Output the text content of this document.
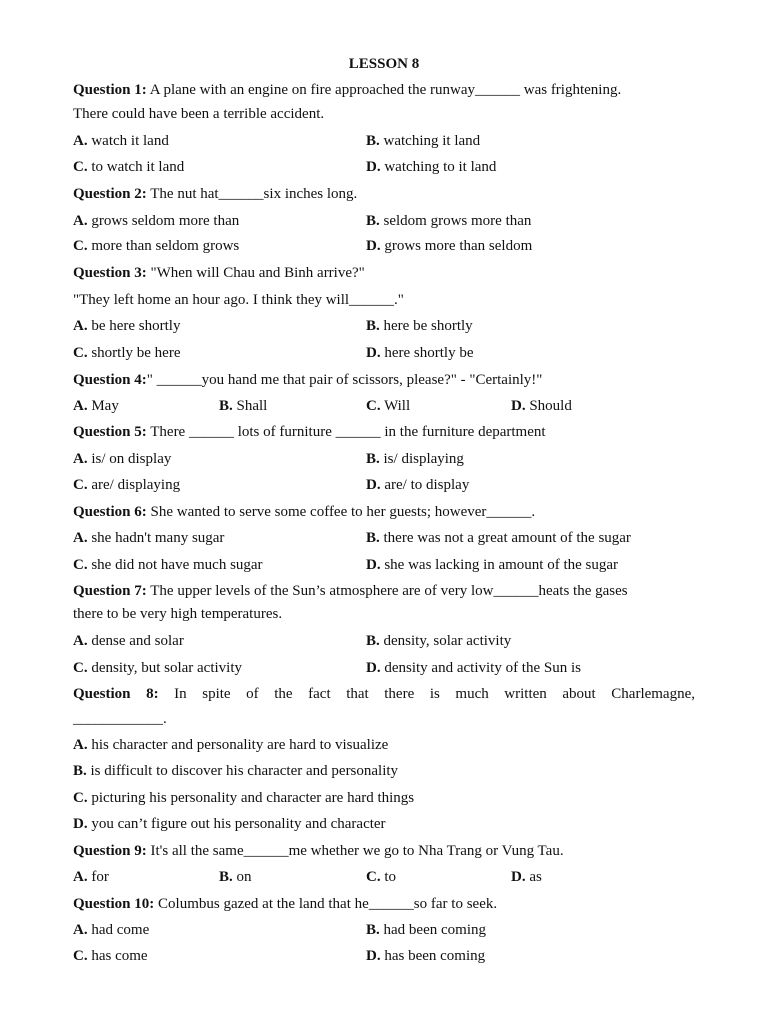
LESSON 8
Question 1: A plane with an engine on fire approached the runway______ was frightening.
There could have been a terrible accident.
A. watch it land	B. watching it land
C. to watch it land	D. watching to it land
Question 2: The nut hat______six inches long.
A. grows seldom more than	B. seldom grows more than
C. more than seldom grows	D. grows more than seldom
Question 3: "When will Chau and Binh arrive?"
"They left home an hour ago. I think they will______."
A. be here shortly	B. here be shortly
C. shortly be here	D. here shortly be
Question 4:" ______you hand me that pair of scissors, please?" - "Certainly!"
A. May	B. Shall	C. Will	D. Should
Question 5: There ______ lots of furniture ______ in the furniture department
A. is/ on display	B. is/ displaying
C. are/ displaying	D. are/ to display
Question 6: She wanted to serve some coffee to her guests; however______.
A. she hadn't many sugar	B. there was not a great amount of the sugar
C. she did not have much sugar	D. she was lacking in amount of the sugar
Question 7: The upper levels of the Sun’s atmosphere are of very low______heats the gases
there to be very high temperatures.
A. dense and solar	B. density, solar activity
C. density, but solar activity	D. density and activity of the Sun is
Question 8: In spite of the fact that there is much written about Charlemagne,
____________.
A. his character and personality are hard to visualize
B. is difficult to discover his character and personality
C. picturing his personality and character are hard things
D. you can’t figure out his personality and character
Question 9: It's all the same______me whether we go to Nha Trang or Vung Tau.
A. for	B. on	C. to	D. as
Question 10: Columbus gazed at the land that he______so far to seek.
A. had come	B. had been coming
C. has come	D. has been coming
